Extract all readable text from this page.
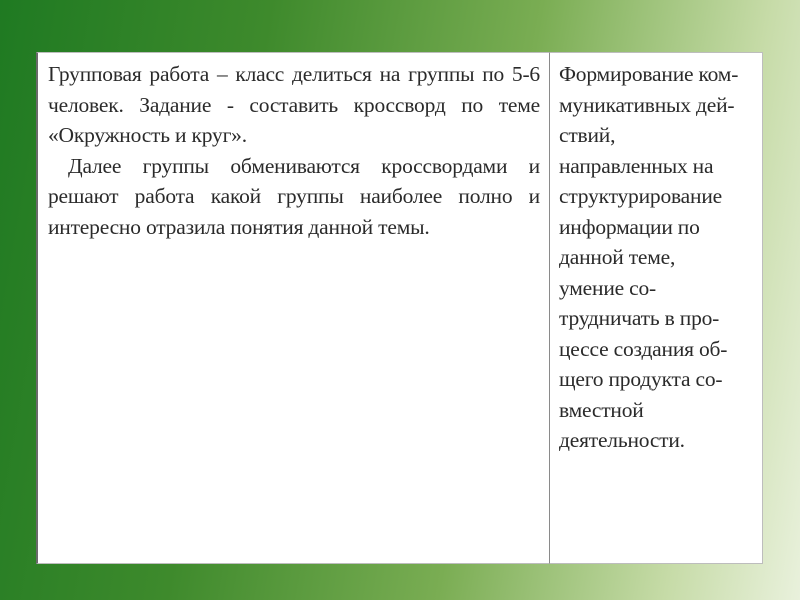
Групповая работа – класс делиться на группы по 5-6 человек. Задание - составить кроссворд по теме «Окружность и круг».

Далее группы обмениваются кроссвордами и решают работа какой группы наиболее полно и интересно отразила понятия данной темы.

Формирование ком-
муникативных дей-
ствий,
направленных на
структурирование
информации по
данной теме,
умение со-
трудничать в про-
цессе создания об-
щего продукта со-
вместной
деятельности.
